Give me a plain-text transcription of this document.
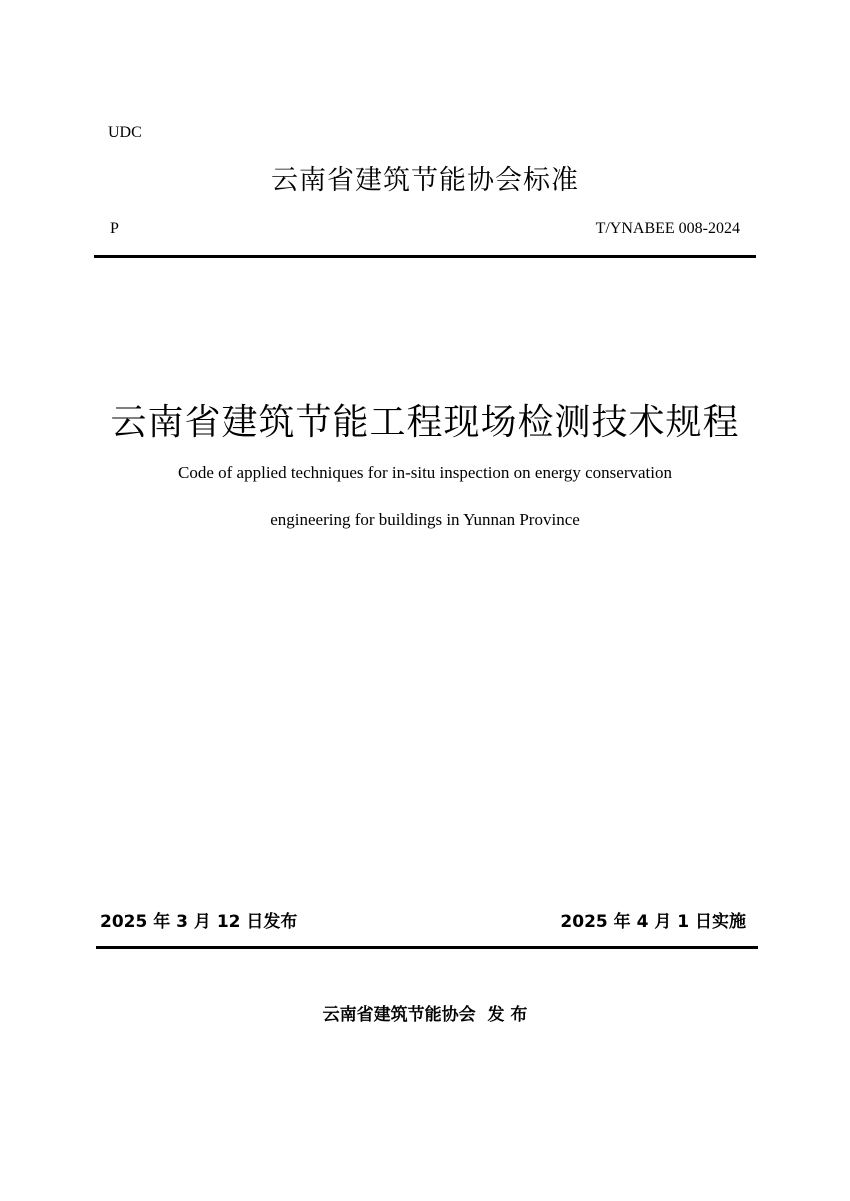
UDC
云南省建筑节能协会标准
P	T/YNABEE 008-2024
云南省建筑节能工程现场检测技术规程
Code of applied techniques for in-situ inspection on energy conservation
engineering for buildings in Yunnan Province
2025 年 3 月 12 日发布	2025 年 4 月 1 日实施
云南省建筑节能协会  发 布
